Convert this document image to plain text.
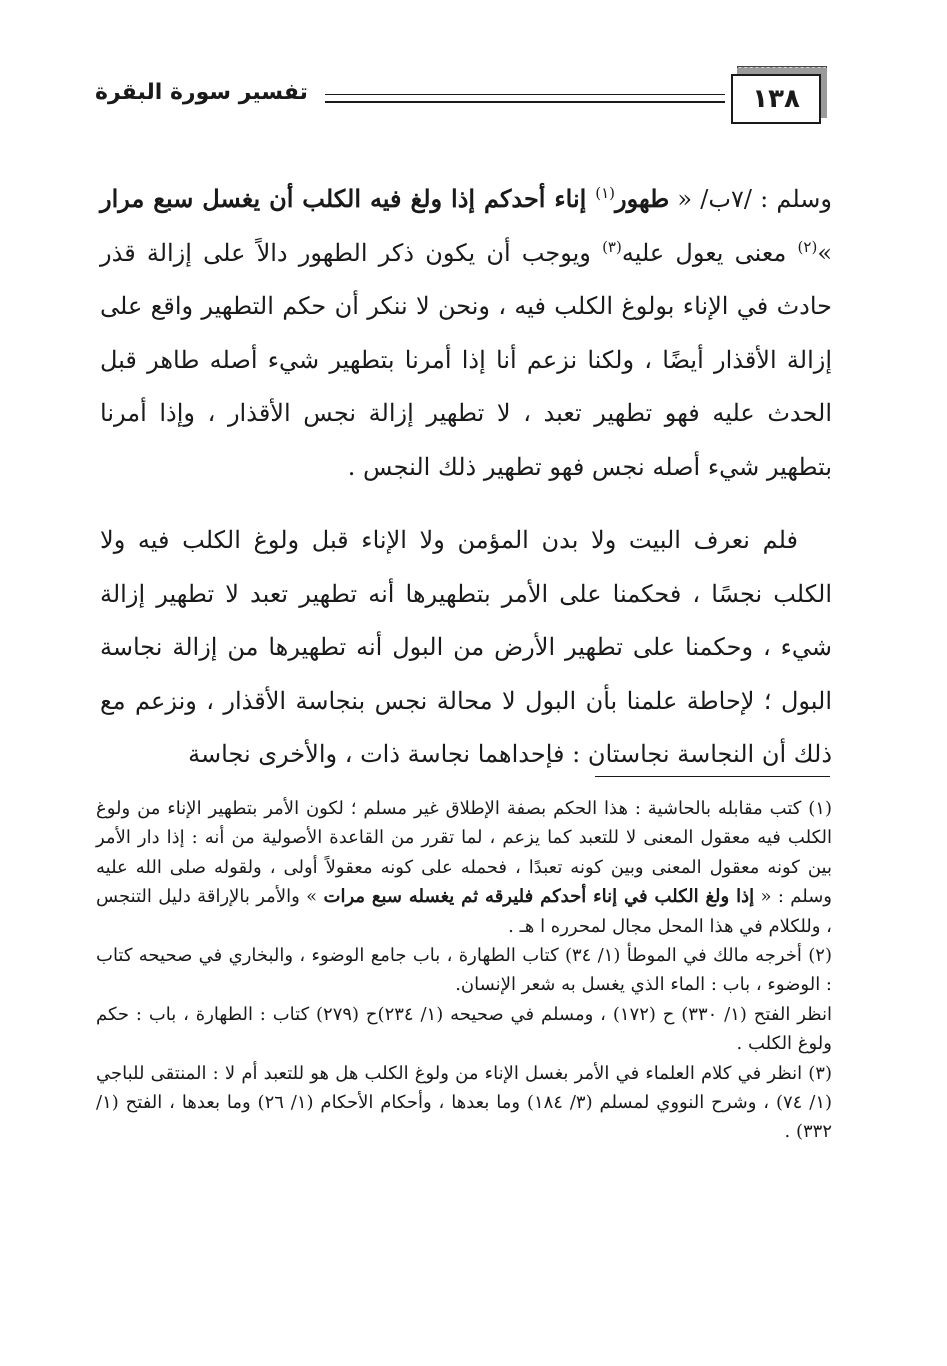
١٣٨
تفسير سورة البقرة

وسلم : /٧ب/ « طهور$^{(١)}$ إناء أحدكم إذا ولغ فيه الكلب أن يغسل سبع مرار »$^{(٢)}$ معنى يعول عليه$^{(٣)}$ ويوجب أن يكون ذكر الطهور دالاً على إزالة قذر حادث في الإناء بولوغ الكلب فيه ، ونحن لا ننكر أن حكم التطهير واقع على إزالة الأقذار أيضًا ، ولكنا نزعم أنا إذا أمرنا بتطهير شيء أصله طاهر قبل الحدث عليه فهو تطهير تعبد ، لا تطهير إزالة نجس الأقذار ، وإذا أمرنا بتطهير شيء أصله نجس فهو تطهير ذلك النجس .

فلم نعرف البيت ولا بدن المؤمن ولا الإناء قبل ولوغ الكلب فيه ولا الكلب نجسًا ، فحكمنا على الأمر بتطهيرها أنه تطهير تعبد لا تطهير إزالة شيء ، وحكمنا على تطهير الأرض من البول أنه تطهيرها من إزالة نجاسة البول ؛ لإحاطة علمنا بأن البول لا محالة نجس بنجاسة الأقذار ، ونزعم مع ذلك أن النجاسة نجاستان : فإحداهما نجاسة ذات ، والأخرى نجاسة

(١) كتب مقابله بالحاشية : هذا الحكم بصفة الإطلاق غير مسلم ؛ لكون الأمر بتطهير الإناء من ولوغ الكلب فيه معقول المعنى لا للتعبد كما يزعم ، لما تقرر من القاعدة الأصولية من أنه : إذا دار الأمر بين كونه معقول المعنى وبين كونه تعبدًا ، فحمله على كونه معقولاً أولى ، ولقوله صلى الله عليه وسلم : « إذا ولغ الكلب في إناء أحدكم فليرقه ثم يغسله سبع مرات » والأمر بالإراقة دليل التنجس ، وللكلام في هذا المحل مجال لمحرره ا هـ .

(٢) أخرجه مالك في الموطأ (١/ ٣٤) كتاب الطهارة ، باب جامع الوضوء ، والبخاري في صحيحه كتاب : الوضوء ، باب : الماء الذي يغسل به شعر الإنسان.

انظر الفتح (١/ ٣٣٠) ح (١٧٢) ، ومسلم في صحيحه (١/ ٢٣٤)ح (٢٧٩) كتاب : الطهارة ، باب : حكم ولوغ الكلب .

(٣) انظر في كلام العلماء في الأمر بغسل الإناء من ولوغ الكلب هل هو للتعبد أم لا : المنتقى للباجي (١/ ٧٤) ، وشرح النووي لمسلم (٣/ ١٨٤) وما بعدها ، وأحكام الأحكام (١/ ٢٦) وما بعدها ، الفتح (١/ ٣٣٢) .
